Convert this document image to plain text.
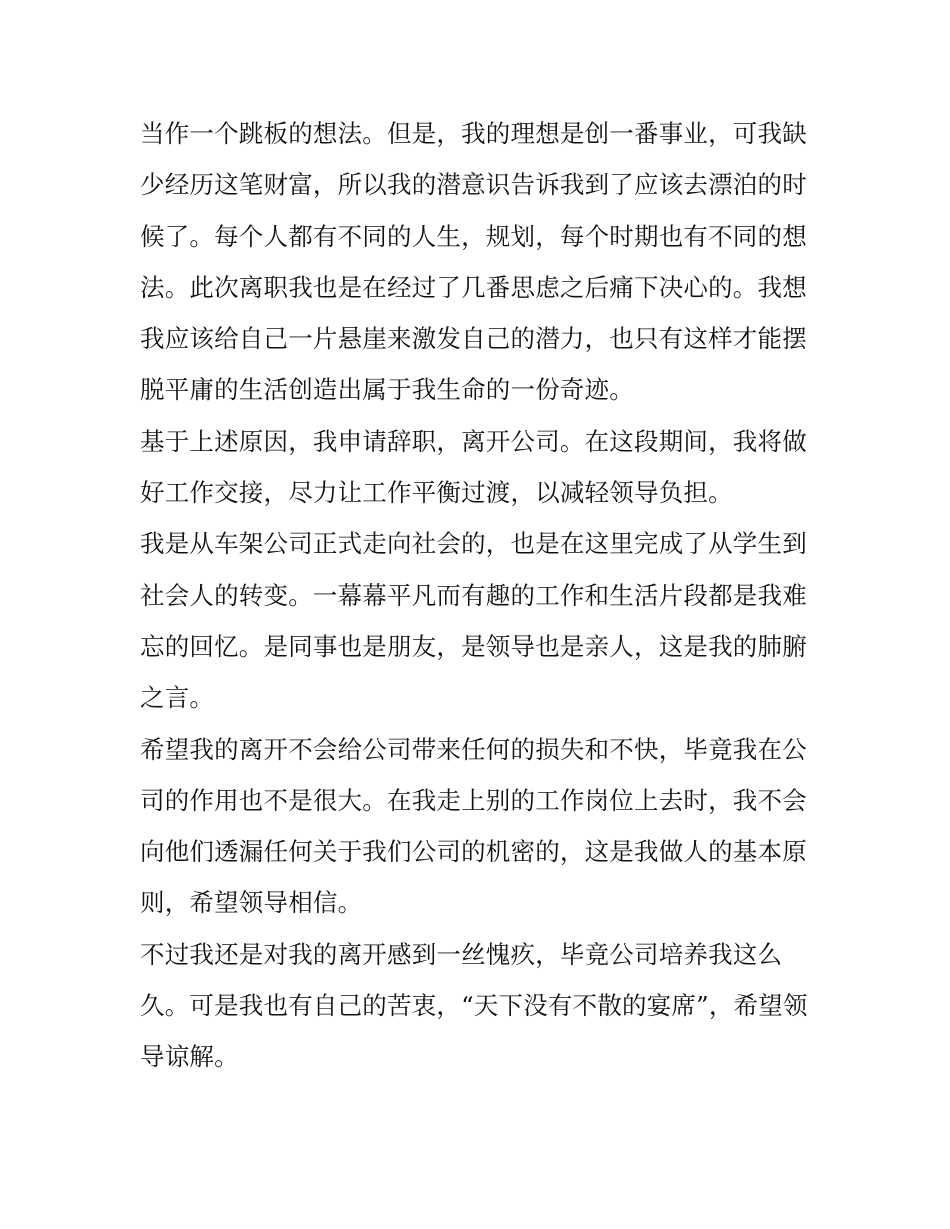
当作一个跳板的想法。但是，我的理想是创一番事业，可我缺少经历这笔财富，所以我的潜意识告诉我到了应该去漂泊的时候了。每个人都有不同的人生，规划，每个时期也有不同的想法。此次离职我也是在经过了几番思虑之后痛下决心的。我想我应该给自己一片悬崖来激发自己的潜力，也只有这样才能摆脱平庸的生活创造出属于我生命的一份奇迹。

基于上述原因，我申请辞职，离开公司。在这段期间，我将做好工作交接，尽力让工作平衡过渡，以减轻领导负担。

我是从车架公司正式走向社会的，也是在这里完成了从学生到社会人的转变。一幕幕平凡而有趣的工作和生活片段都是我难忘的回忆。是同事也是朋友，是领导也是亲人，这是我的肺腑之言。

希望我的离开不会给公司带来任何的损失和不快，毕竟我在公司的作用也不是很大。在我走上别的工作岗位上去时，我不会向他们透漏任何关于我们公司的机密的，这是我做人的基本原则，希望领导相信。

不过我还是对我的离开感到一丝愧疚，毕竟公司培养我这么久。可是我也有自己的苦衷，“天下没有不散的宴席”，希望领导谅解。
